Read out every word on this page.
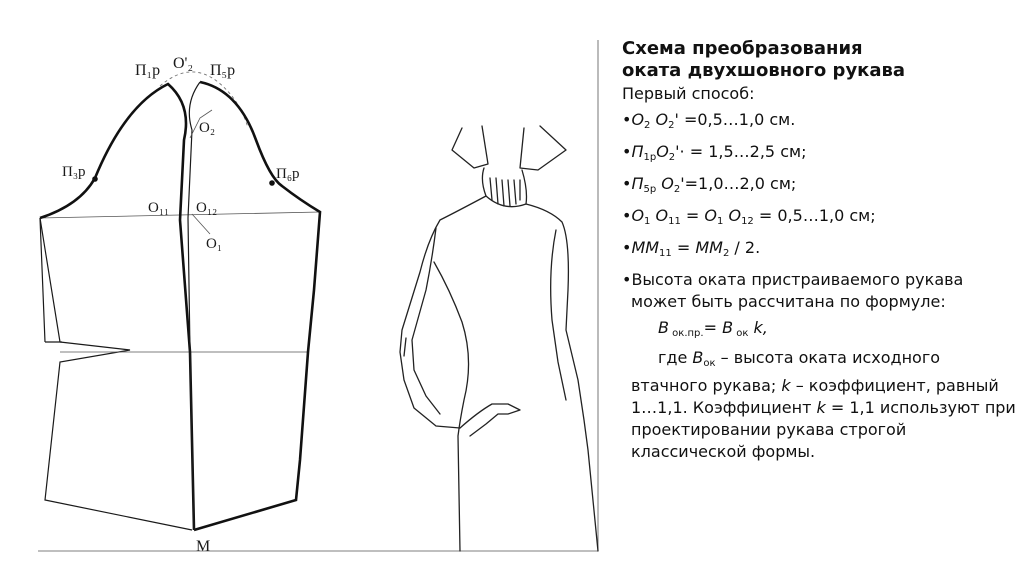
O'₂
П₁р	П₅р
O₂
П₃р	П₆р
O₁₁ O₁₂
O₁
М
Схема преобразования оката двухшовного рукава

Первый способ:

$•O_2$ $O_2'$ =0,5…1,0 см.

$•П_{1р}O_2'\cdot$ = 1,5…2,5 см;

$•П_{5р}$ $O_2'=1,0\dots 2,0$ см;

$•O_1$ $O_{11} = O_1$ $O_{12}$ = 0,5…1,0 см;

$•ММ_{11} = ММ_2 / 2$.

•Высота оката пристраиваемого рукава может быть рассчитана по формуле:

B $_{ок.пр.}$= B $_{ок}$ k,

где $B_{ок}$ – высота оката исходного втачного рукава; k – коэффициент, равный 1…1,1. Коэффициент k = 1,1 используют при проектировании рукава строгой классической формы.
